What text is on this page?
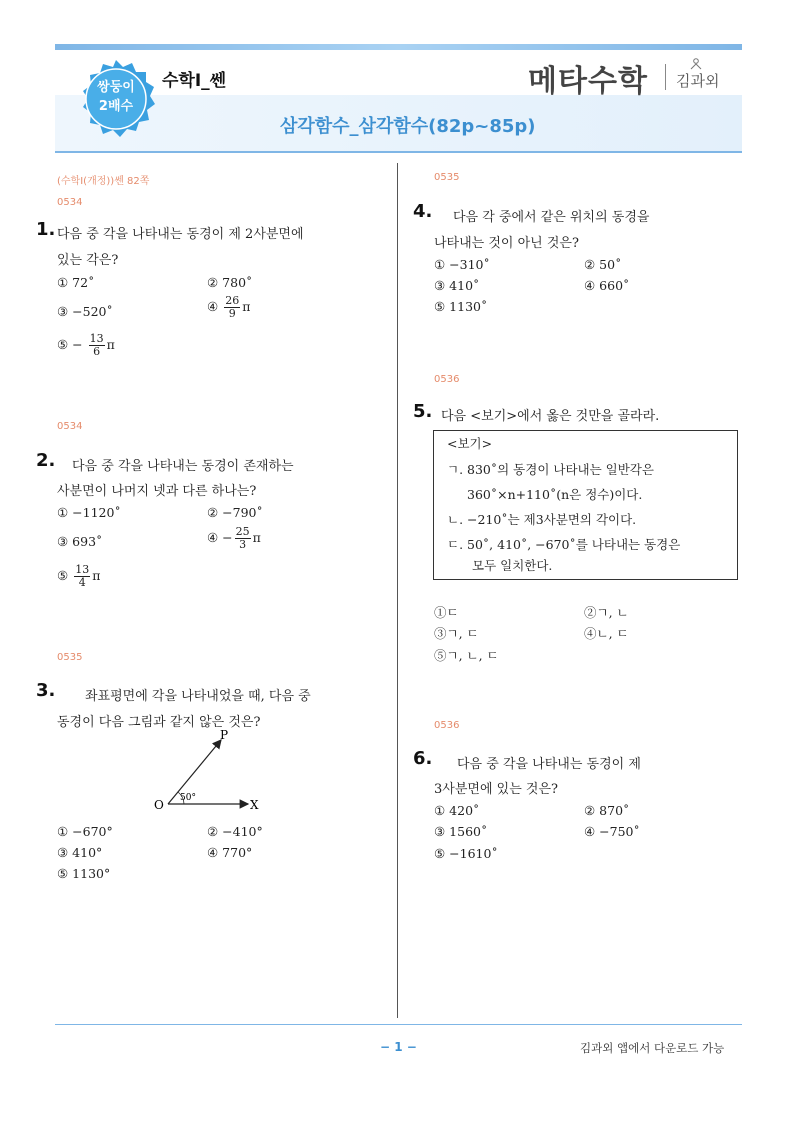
쌍둥이
2배수
수학Ⅰ_쎈	메타수학 김과외
삼각함수_삼각함수(82p~85p)
(수학Ⅰ(개정))쎈 82쪽
0534
1. 다음 중 각을 나타내는 동경이 제 2사분면에
있는 각은?
① 72˚	② 780˚
③ −520˚	④ $\frac{26}{9}$ π
⑤ − $\frac{13}{6}$ π
0534
2. 다음 중 각을 나타내는 동경이 존재하는
사분면이 나머지 넷과 다른 하나는?
① −1120˚	② −790˚
③ 693˚	④ − $\frac{25}{3}$ π
⑤ $\frac{13}{4}$ π
0535
3. 좌표평면에 각을 나타내었을 때, 다음 중
동경이 다음 그림과 같지 않은 것은?
O	X
P
50°
① −670°	② −410°
③ 410°	④ 770°
⑤ 1130°
0535
4. 다음 각 중에서 같은 위치의 동경을
나타내는 것이 아닌 것은?
① −310˚	② 50˚
③ 410˚	④ 660˚
⑤ 1130˚
0536
5. 다음 <보기>에서 옳은 것만을 골라라.
<보기>
ㄱ. 830˚의 동경이 나타내는 일반각은
360˚×n+110˚(n은 정수)이다.
ㄴ. −210˚는 제3사분면의 각이다.
ㄷ. 50˚, 410˚, −670˚를 나타내는 동경은
모두 일치한다.
①ㄷ	②ㄱ, ㄴ
③ㄱ, ㄷ	④ㄴ, ㄷ
⑤ㄱ, ㄴ, ㄷ
0536
6. 다음 중 각을 나타내는 동경이 제
3사분면에 있는 것은?
① 420˚	② 870˚
③ 1560˚	④ −750˚
⑤ −1610˚
− 1 −	김과외 앱에서 다운로드 가능
